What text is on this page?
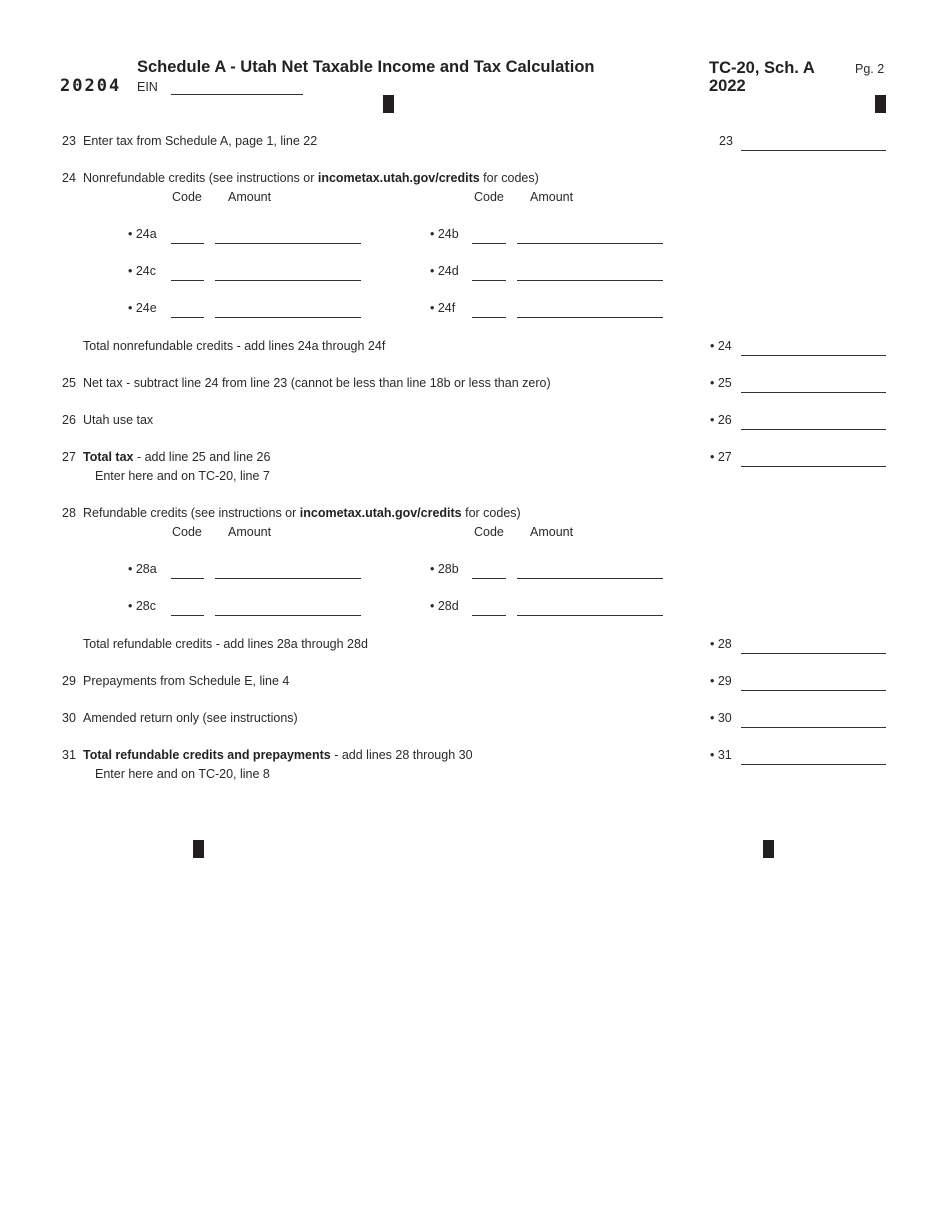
20204
Schedule A - Utah Net Taxable Income and Tax Calculation
EIN
TC-20, Sch. A
2022
Pg. 2
23 Enter tax from Schedule A, page 1, line 22	23
24 Nonrefundable credits (see instructions or incometax.utah.gov/credits for codes)
Code Amount	Code Amount
• 24a	• 24b
• 24c	• 24d
• 24e	• 24f
Total nonrefundable credits - add lines 24a through 24f	• 24
25 Net tax - subtract line 24 from line 23 (cannot be less than line 18b or less than zero)	• 25
26 Utah use tax	• 26
27 Total tax - add line 25 and line 26
Enter here and on TC-20, line 7
• 27
28 Refundable credits (see instructions or incometax.utah.gov/credits for codes)
Code Amount	Code Amount
• 28a	• 28b
• 28c	• 28d
Total refundable credits - add lines 28a through 28d	• 28
29 Prepayments from Schedule E, line 4	• 29
30 Amended return only (see instructions)	• 30
31 Total refundable credits and prepayments - add lines 28 through 30
Enter here and on TC-20, line 8
• 31
